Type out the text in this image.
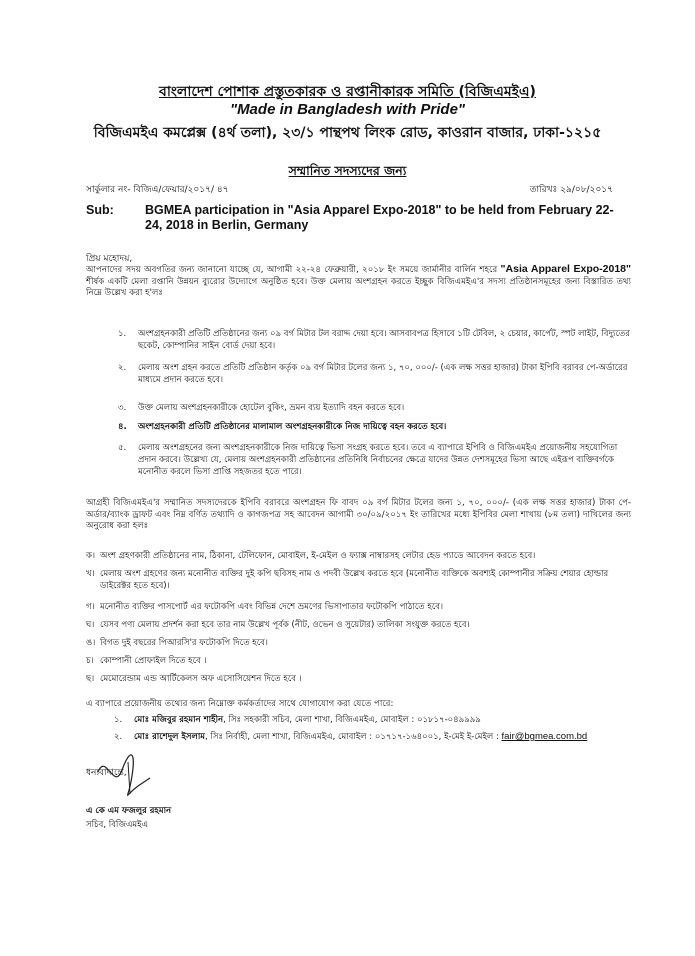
বাংলাদেশ পোশাক প্রস্তুতকারক ও রপ্তানীকারক সমিতি (বিজিএমইএ)
"Made in Bangladesh with Pride"
বিজিএমইএ কমপ্লেক্স (৪র্থ তলা), ২৩/১ পান্থপথ লিংক রোড, কাওরান বাজার, ঢাকা-১২১৫
সম্মানিত সদস্যদের জন্য
সার্কুলার নং- বিজিএ/ফেয়ার/২০১৭/ ৪৭	তারিখঃ ২৯/০৮/২০১৭
Sub: BGMEA participation in "Asia Apparel Expo-2018" to be held from February 22-24, 2018 in Berlin, Germany
প্রিয় মহোদয়,
আপনাদের সদয় অবগতির জন্য জানানো যাচ্ছে যে, আগামী ২২-২৪ ফেব্রুয়ারী, ২০১৮ ইং সময়ে জার্মানীর বার্লিন শহরে "Asia Apparel Expo-2018" শীর্ষক একটি মেলা রপ্তানি উন্নয়ন ব্যুরোর উদ্যোগে অনুষ্ঠিত হবে। উক্ত মেলায় অংশগ্রহন করতে ইচ্ছুক বিজিএমইএ'র সদস্য প্রতিষ্ঠানসমূহের জন্য বিস্তারিত তথ্য নিম্নে উল্লেখ করা হ'লঃ
১. অংশগ্রহনকারী প্রতিটি প্রতিষ্ঠানের জন্য ০৯ বর্গ মিটার টল বরাদ্দ দেয়া হবে। আসবাবপত্র হিসাবে ১টি টেবিল, ২ চেয়ার, কার্পেট, স্পট লাইট, বিদ্যুতের ছকেট, কোম্পানির সাইন বোর্ড দেয়া হবে।
২. মেলায় অংশ গ্রহন করতে প্রতিটি প্রতিষ্ঠান কর্তৃক ০৯ বর্গ মিটার টলের জন্য ১, ৭০, ০০০/- (এক লক্ষ সত্তর হাজার) টাকা ইপিবি বরাবর পে-অর্ডারের মাধ্যমে প্রদান করতে হবে।
৩. উক্ত মেলায় অংশগ্রহনকারীকে হোটেল বুকিং, ভ্রমন ব্যয় ইত্যাদি বহন করতে হবে।
৪. অংশগ্রহনকারী প্রতিটি প্রতিষ্ঠানের মালামাল অংশগ্রহনকারীকে নিজ দায়িত্বে বহন করতে হবে।
৫. মেলায় অংশগ্রহনের জন্য অংশগ্রহনকারীকে নিজ দায়িত্বে ভিসা সংগ্রহ করতে হবে। তবে এ ব্যাপারে ইপিবি ও বিজিএমইএ প্রয়োজনীয় সহযোগিতা প্রদান করবে। উল্লেখ্য যে, মেলায় অংশগ্রহনকারী প্রতিষ্ঠানের প্রতিনিধি নির্বাচনের ক্ষেত্রে যাদের উন্নত দেশসমূহের ভিসা আছে এইরূপ ব্যক্তিবর্গকে মনোনীত করলে ভিসা প্রাপ্তি সহজতর হতে পারে।
আগ্রহী বিজিএমইএ'র সম্মানিত সদস্যদেরকে ইপিবি বরাবরে অংশগ্রহন ফি বাবদ ০৯ বর্গ মিটার টলের জন্য ১, ৭০, ০০০/- (এক লক্ষ সত্তর হাজার) টাকা পে-অর্ডার/ব্যাংক ড্রাফট এবং নিম্ন বর্ণিত তথ্যাদি ও কাগজপত্র সহ আবেদন আগামী ৩০/০৯/২০১৭ ইং তারিখের মধ্যে ইপিবির মেলা শাখায় (৮ম তলা) দাখিলের জন্য অনুরোধ করা হলঃ
ক। অংশ গ্রহণকারী প্রতিষ্ঠানের নাম, ঠিকানা, টেলিফোন, মোবাইল, ই-মেইল ও ফ্যাক্স নাম্বারসহ লেটার হেড প্যাডে আবেদন করতে হবে।
খ। মেলায় অংশ গ্রহণের জন্য মনোনীত ব্যক্তির দুই কপি ছবিসহ নাম ও পদবী উল্লেখ করতে হবে (মনোনীত ব্যক্তিকে অবশ্যই কোম্পানীর সক্রিয় শেয়ার হোল্ডার ডাইরেক্টর হতে হবে)।
গ। মনোনীত ব্যক্তির পাসপোর্ট এর ফটোকপি এবং বিভিন্ন দেশে ভ্রমণের ভিসাপাতার ফটোকপি পাঠাতে হবে।
ঘ। যেসব পণ্য মেলায় প্রদর্শন করা হবে তার নাম উল্লেখ পূর্বক (নীট, ওভেন ও সুয়েটার) তালিকা সংযুক্ত করতে হবে।
ঙ। বিগত দুই বছরের পিআরসি'র ফটোকপি দিতে হবে।
চ। কোম্পানী প্রোফাইল দিতে হবে ।
ছ। মেমোরেন্ডাম এন্ড আর্টিকেলস অফ এসোসিয়েশন দিতে হবে ।
এ ব্যাপারে প্রয়োজনীয় তথ্যের জন্য নিম্নোক্ত কর্মকর্তাদের সাথে যোগাযোগ করা যেতে পারে:
১. মোঃ মজিবুর রহমান শাহীন, সিঃ সহকারী সচিব, মেলা শাখা, বিজিএমইএ, মোবাইল : ০১৮১৭-০৪৯৯৯৯
২. মোঃ রাশেদুল ইসলাম, সিঃ নির্বাহী, মেলা শাখা, বিজিএমইএ, মোবাইল : ০১৭১৭-১৬৪০০১, ই-মেই ই-মেইল : fair@bgmea.com.bd
ধন্যবাদান্তে,
এ কে এম ফজলুর রহমান
সচিব, বিজিএমইএ
